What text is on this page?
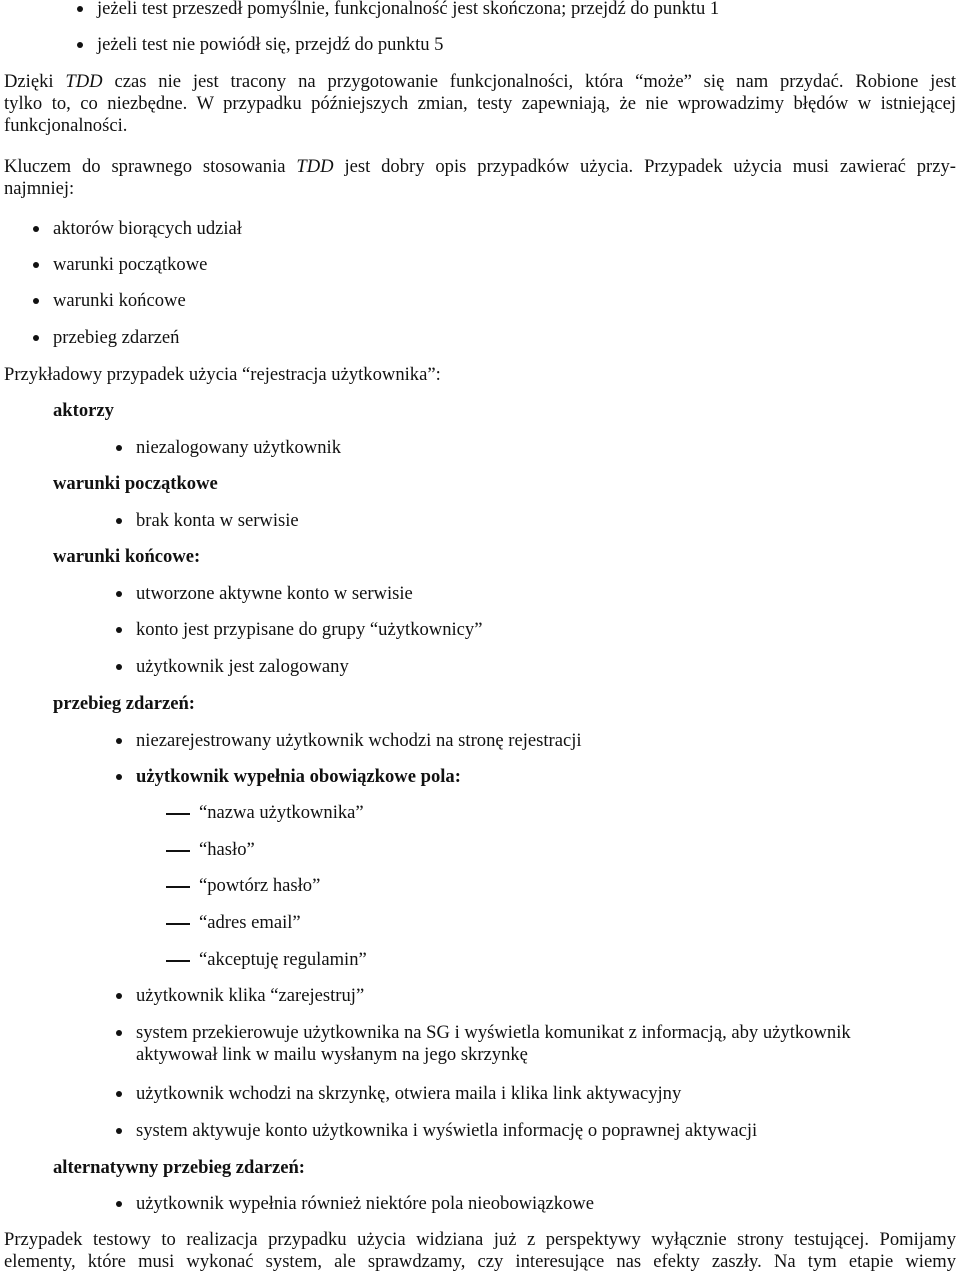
jeżeli test przeszedł pomyślnie, funkcjonalność jest skończona; przejdź do punktu 1
jeżeli test nie powiódł się, przejdź do punktu 5
Dzięki TDD czas nie jest tracony na przygotowanie funkcjonalności, która “może” się nam przydać. Robione jest
tylko to, co niezbędne. W przypadku późniejszych zmian, testy zapewniają, że nie wprowadzimy błędów w istniejącej
funkcjonalności.
Kluczem do sprawnego stosowania TDD jest dobry opis przypadków użycia. Przypadek użycia musi zawierać przy-
najmniej:
aktorów biorących udział
warunki początkowe
warunki końcowe
przebieg zdarzeń
Przykładowy przypadek użycia “rejestracja użytkownika”:
aktorzy
niezalogowany użytkownik
warunki początkowe
brak konta w serwisie
warunki końcowe:
utworzone aktywne konto w serwisie
konto jest przypisane do grupy “użytkownicy”
użytkownik jest zalogowany
przebieg zdarzeń:
niezarejestrowany użytkownik wchodzi na stronę rejestracji
użytkownik wypełnia obowiązkowe pola:
“nazwa użytkownika”
“hasło”
“powtórz hasło”
“adres email”
“akceptuję regulamin”
użytkownik klika “zarejestruj”
system przekierowuje użytkownika na SG i wyświetla komunikat z informacją, aby użytkownik
aktywował link w mailu wysłanym na jego skrzynkę
użytkownik wchodzi na skrzynkę, otwiera maila i klika link aktywacyjny
system aktywuje konto użytkownika i wyświetla informację o poprawnej aktywacji
alternatywny przebieg zdarzeń:
użytkownik wypełnia również niektóre pola nieobowiązkowe
Przypadek testowy to realizacja przypadku użycia widziana już z perspektywy wyłącznie strony testującej. Pomijamy
elementy, które musi wykonać system, ale sprawdzamy, czy interesujące nas efekty zaszły. Na tym etapie wiemy
